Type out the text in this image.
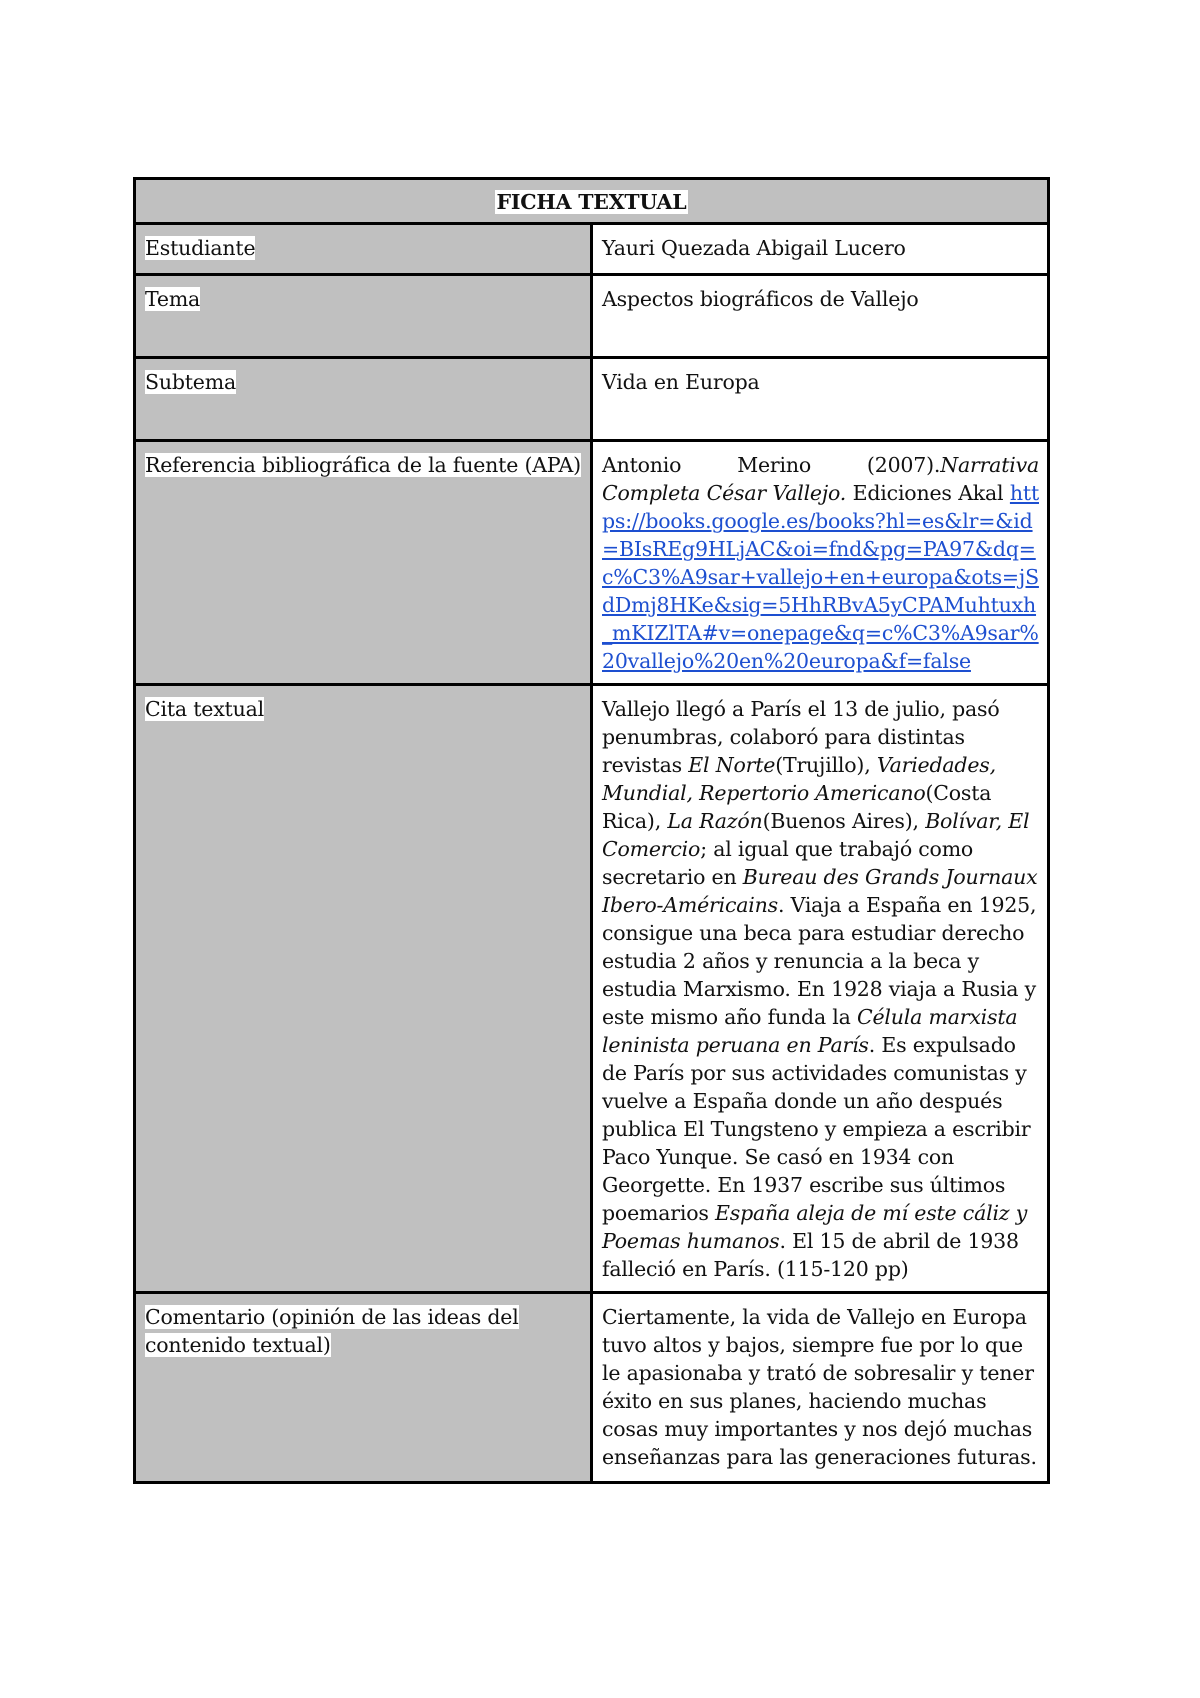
FICHA TEXTUAL	
Estudiante	Yauri Quezada Abigail Lucero
Tema	Aspectos biográficos de Vallejo
Subtema	Vida en Europa
Referencia bibliográfica de la fuente (APA)	Antonio Merino (2007).Narrativa Completa César Vallejo. Ediciones Akal https://books.google.es/books?hl=es&lr=&id=BIsREg9HLjAC&oi=fnd&pg=PA97&dq=c%C3%A9sar+vallejo+en+europa&ots=jSdDmj8HKe&sig=5HhRBvA5yCPAMuhtuxh_mKIZlTA#v=onepage&q=c%C3%A9sar%20vallejo%20en%20europa&f=false

Cita textual	Vallejo llegó a París el 13 de julio, pasó penumbras, colaboró para distintas revistas El Norte(Trujillo), Variedades, Mundial, Repertorio Americano(Costa Rica), La Razón(Buenos Aires), Bolívar, El Comercio; al igual que trabajó como secretario en Bureau des Grands Journaux Ibero-Américains. Viaja a España en 1925, consigue una beca para estudiar derecho estudia 2 años y renuncia a la beca y estudia Marxismo. En 1928 viaja a Rusia y este mismo año funda la Célula marxista leninista peruana en París. Es expulsado de París por sus actividades comunistas y vuelve a España donde un año después publica El Tungsteno y empieza a escribir Paco Yunque. Se casó en 1934 con Georgette. En 1937 escribe sus últimos poemarios España aleja de mí este cáliz y Poemas humanos. El 15 de abril de 1938 falleció en París. (115-120 pp)

Comentario (opinión de las ideas del contenido textual)	Ciertamente, la vida de Vallejo en Europa tuvo altos y bajos, siempre fue por lo que le apasionaba y trató de sobresalir y tener éxito en sus planes, haciendo muchas cosas muy importantes y nos dejó muchas enseñanzas para las generaciones futuras.
